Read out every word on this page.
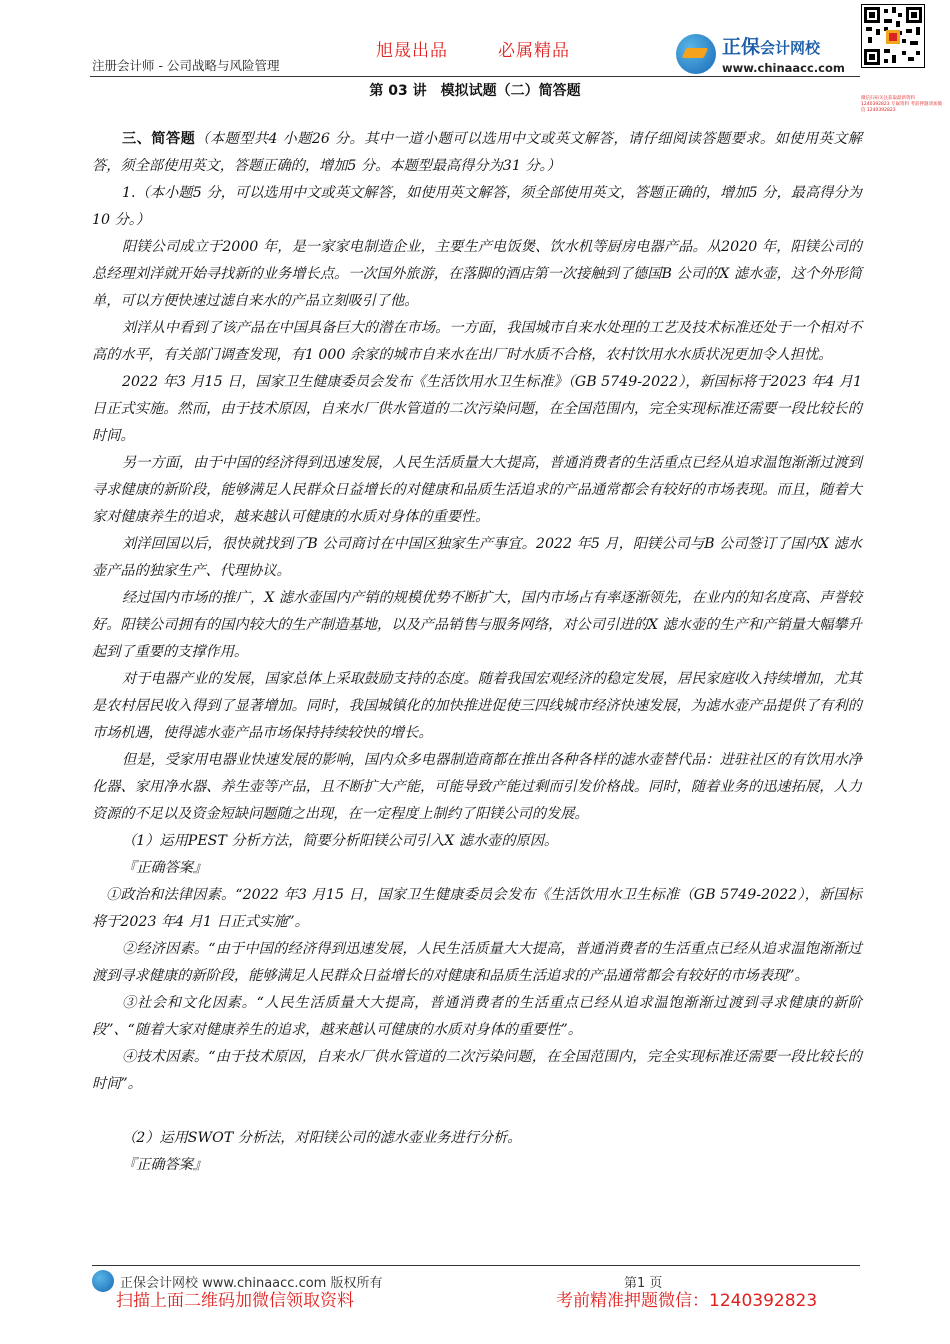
旭晟出品	必属精品
注册会计师 - 公司战略与风险管理
正保会计网校
www.chinaacc.com
微信扫码关注获取最新资料 1240392823 专属资料 考前押题请加微信 1240392823
第 03 讲　模拟试题（二）简答题

三、简答题（本题型共4 小题26 分。其中一道小题可以选用中文或英文解答，请仔细阅读答题要求。如使用英文解答，须全部使用英文，答题正确的，增加5 分。本题型最高得分为31 分。）

1.（本小题5 分，可以选用中文或英文解答，如使用英文解答，须全部使用英文，答题正确的，增加5 分，最高得分为10 分。）

阳镁公司成立于2000 年，是一家家电制造企业，主要生产电饭煲、饮水机等厨房电器产品。从2020 年，阳镁公司的总经理刘洋就开始寻找新的业务增长点。一次国外旅游，在落脚的酒店第一次接触到了德国B 公司的X 滤水壶，这个外形简单，可以方便快速过滤自来水的产品立刻吸引了他。

刘洋从中看到了该产品在中国具备巨大的潜在市场。一方面，我国城市自来水处理的工艺及技术标准还处于一个相对不高的水平，有关部门调查发现，有1 000 余家的城市自来水在出厂时水质不合格，农村饮用水水质状况更加令人担忧。

2022 年3 月15 日，国家卫生健康委员会发布《生活饮用水卫生标准》（GB 5749-2022），新国标将于2023 年4 月1 日正式实施。然而，由于技术原因，自来水厂供水管道的二次污染问题，在全国范围内，完全实现标准还需要一段比较长的时间。

另一方面，由于中国的经济得到迅速发展，人民生活质量大大提高，普通消费者的生活重点已经从追求温饱渐渐过渡到寻求健康的新阶段，能够满足人民群众日益增长的对健康和品质生活追求的产品通常都会有较好的市场表现。而且，随着大家对健康养生的追求，越来越认可健康的水质对身体的重要性。

刘洋回国以后，很快就找到了B 公司商讨在中国区独家生产事宜。2022 年5 月，阳镁公司与B 公司签订了国内X 滤水壶产品的独家生产、代理协议。

经过国内市场的推广，X 滤水壶国内产销的规模优势不断扩大，国内市场占有率逐渐领先，在业内的知名度高、声誉较好。阳镁公司拥有的国内较大的生产制造基地，以及产品销售与服务网络，对公司引进的X 滤水壶的生产和产销量大幅攀升起到了重要的支撑作用。

对于电器产业的发展，国家总体上采取鼓励支持的态度。随着我国宏观经济的稳定发展，居民家庭收入持续增加，尤其是农村居民收入得到了显著增加。同时，我国城镇化的加快推进促使三四线城市经济快速发展，为滤水壶产品提供了有利的市场机遇，使得滤水壶产品市场保持持续较快的增长。

但是，受家用电器业快速发展的影响，国内众多电器制造商都在推出各种各样的滤水壶替代品：进驻社区的有饮用水净化器、家用净水器、养生壶等产品，且不断扩大产能，可能导致产能过剩而引发价格战。同时，随着业务的迅速拓展，人力资源的不足以及资金短缺问题随之出现，在一定程度上制约了阳镁公司的发展。

（1）运用PEST 分析方法，简要分析阳镁公司引入X 滤水壶的原因。

『正确答案』

①政治和法律因素。“2022 年3 月15 日，国家卫生健康委员会发布《生活饮用水卫生标准（GB 5749-2022），新国标将于2023 年4 月1 日正式实施”。

②经济因素。“由于中国的经济得到迅速发展，人民生活质量大大提高，普通消费者的生活重点已经从追求温饱渐渐过渡到寻求健康的新阶段，能够满足人民群众日益增长的对健康和品质生活追求的产品通常都会有较好的市场表现”。

③社会和文化因素。“人民生活质量大大提高，普通消费者的生活重点已经从追求温饱渐渐过渡到寻求健康的新阶段”、“随着大家对健康养生的追求，越来越认可健康的水质对身体的重要性”。

④技术因素。“由于技术原因，自来水厂供水管道的二次污染问题，在全国范围内，完全实现标准还需要一段比较长的时间”。

（2）运用SWOT 分析法，对阳镁公司的滤水壶业务进行分析。

『正确答案』

正保会计网校 www.chinaacc.com 版权所有	第1 页
扫描上面二维码加微信领取资料	考前精准押题微信：1240392823
